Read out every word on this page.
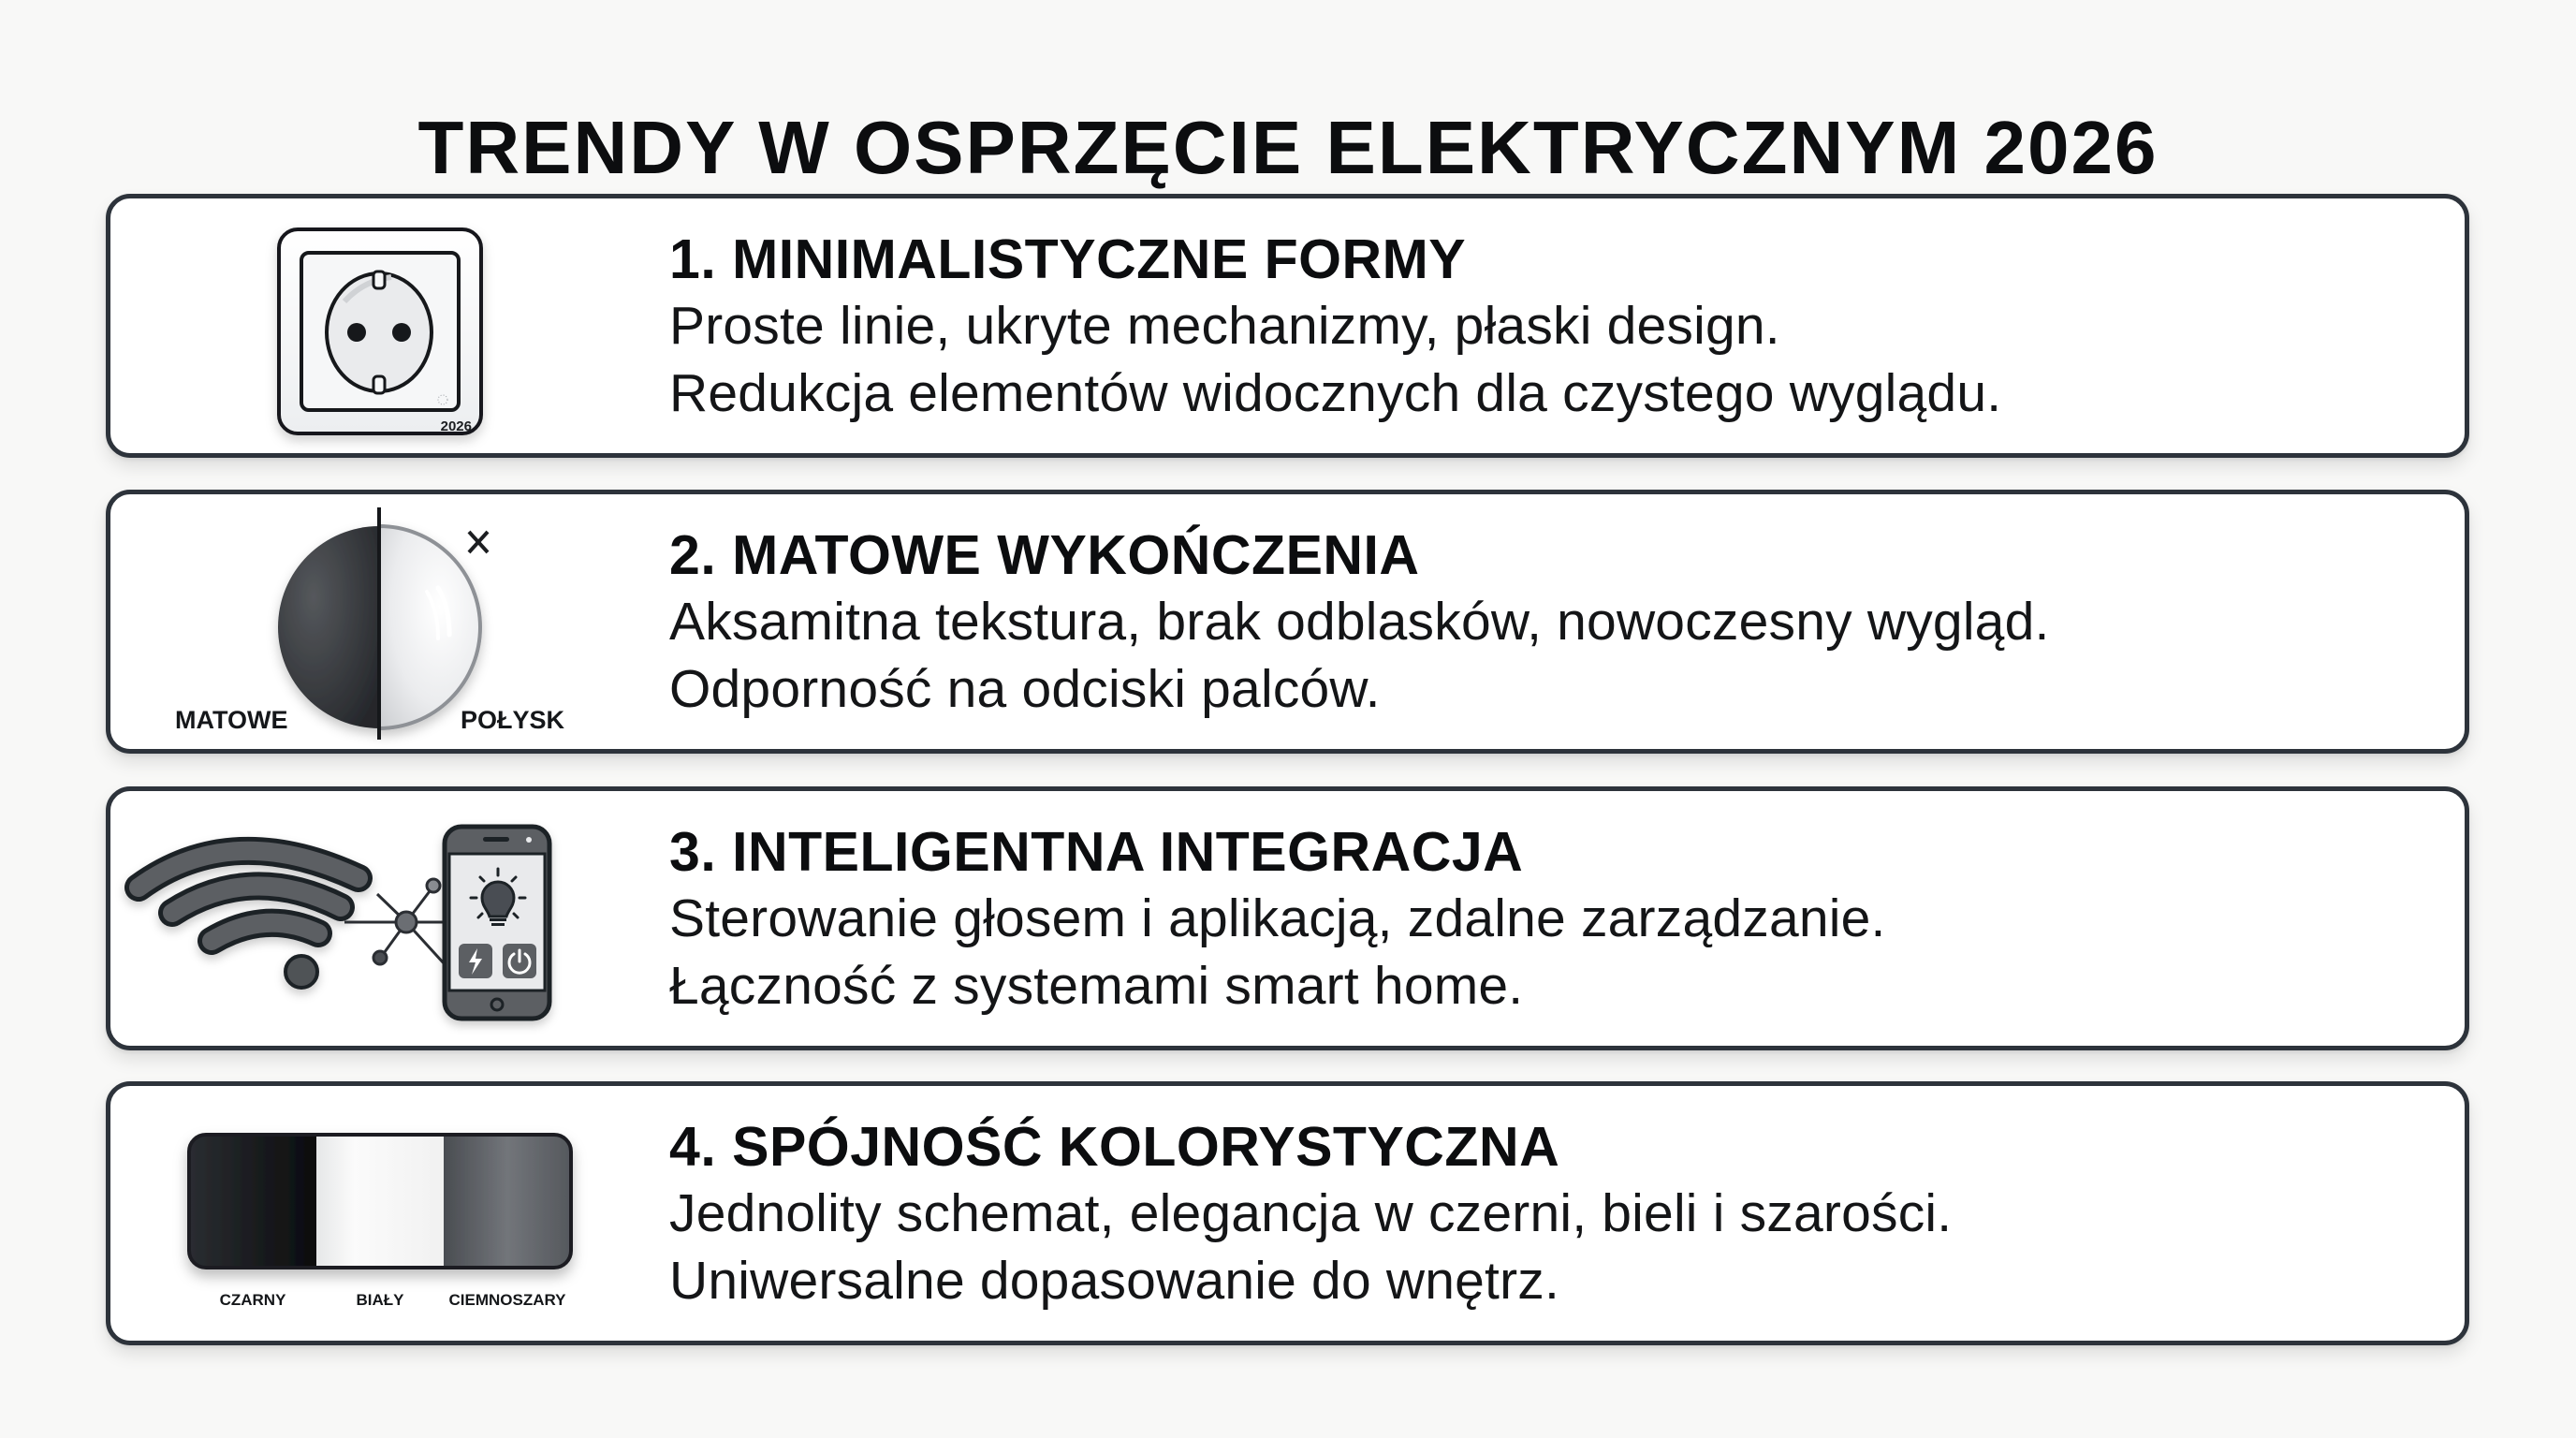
TRENDY W OSPRZĘCIE ELEKTRYCZNYM 2026
2026
1. MINIMALISTYCZNE FORMY
Proste linie, ukryte mechanizmy, płaski design.
Redukcja elementów widocznych dla czystego wyglądu.
MATOWE	POŁYSK
2. MATOWE WYKOŃCZENIA
Aksamitna tekstura, brak odblasków, nowoczesny wygląd.
Odporność na odciski palców.
3. INTELIGENTNA INTEGRACJA
Sterowanie głosem i aplikacją, zdalne zarządzanie.
Łączność z systemami smart home.
CZARNY	BIAŁY	CIEMNOSZARY
4. SPÓJNOŚĆ KOLORYSTYCZNA
Jednolity schemat, elegancja w czerni, bieli i szarości.
Uniwersalne dopasowanie do wnętrz.
